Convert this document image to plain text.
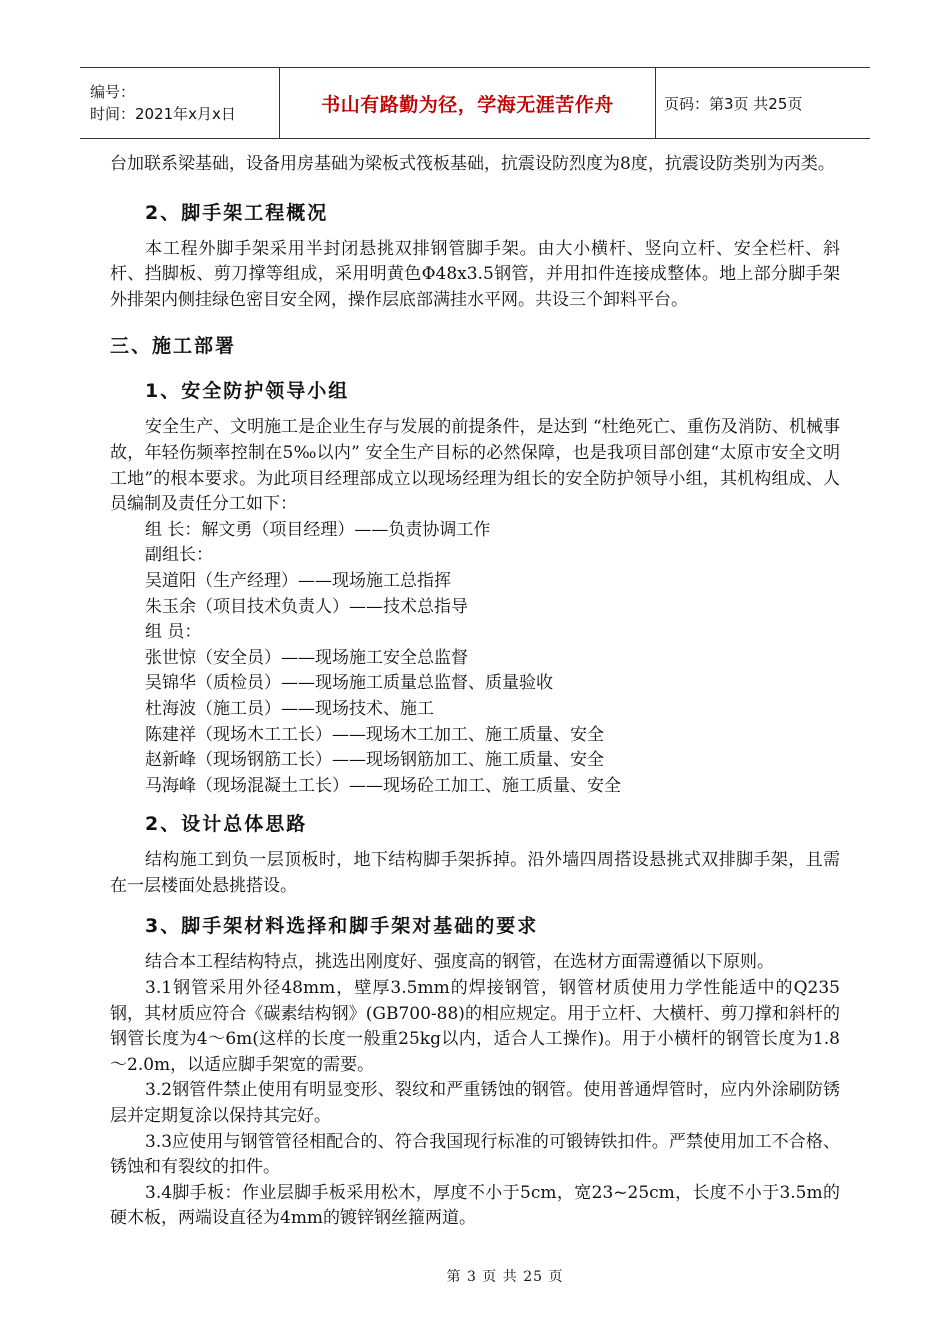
编号：
时间：2021年x月x日	书山有路勤为径，学海无涯苦作舟	页码：第3页 共25页

台加联系梁基础，设备用房基础为梁板式筏板基础，抗震设防烈度为8度，抗震设防类别为丙类。

2、脚手架工程概况

本工程外脚手架采用半封闭悬挑双排钢管脚手架。由大小横杆、竖向立杆、安全栏杆、斜杆、挡脚板、剪刀撑等组成，采用明黄色Φ48x3.5钢管，并用扣件连接成整体。地上部分脚手架外排架内侧挂绿色密目安全网，操作层底部满挂水平网。共设三个卸料平台。

三、施工部署

1、安全防护领导小组

安全生产、文明施工是企业生存与发展的前提条件，是达到 “杜绝死亡、重伤及消防、机械事故，年轻伤频率控制在5‰以内” 安全生产目标的必然保障，也是我项目部创建“太原市安全文明工地”的根本要求。为此项目经理部成立以现场经理为组长的安全防护领导小组，其机构组成、人员编制及责任分工如下：

组 长：解文勇（项目经理）——负责协调工作

副组长：

吴道阳（生产经理）——现场施工总指挥

朱玉余（项目技术负责人）——技术总指导

组 员：

张世惊（安全员）——现场施工安全总监督

吴锦华（质检员）——现场施工质量总监督、质量验收

杜海波（施工员）——现场技术、施工

陈建祥（现场木工工长）——现场木工加工、施工质量、安全

赵新峰（现场钢筋工长）——现场钢筋加工、施工质量、安全

马海峰（现场混凝土工长）——现场砼工加工、施工质量、安全

2、设计总体思路

结构施工到负一层顶板时，地下结构脚手架拆掉。沿外墙四周搭设悬挑式双排脚手架，且需在一层楼面处悬挑搭设。

3、脚手架材料选择和脚手架对基础的要求

结合本工程结构特点，挑选出刚度好、强度高的钢管，在选材方面需遵循以下原则。

3.1钢管采用外径48mm，壁厚3.5mm的焊接钢管，钢管材质使用力学性能适中的Q235钢，其材质应符合《碳素结构钢》(GB700-88)的相应规定。用于立杆、大横杆、剪刀撑和斜杆的钢管长度为4～6m(这样的长度一般重25kg以内，适合人工操作)。用于小横杆的钢管长度为1.8～2.0m，以适应脚手架宽的需要。

3.2钢管件禁止使用有明显变形、裂纹和严重锈蚀的钢管。使用普通焊管时，应内外涂刷防锈层并定期复涂以保持其完好。

3.3应使用与钢管管径相配合的、符合我国现行标准的可锻铸铁扣件。严禁使用加工不合格、锈蚀和有裂纹的扣件。

3.4脚手板：作业层脚手板采用松木，厚度不小于5cm，宽23~25cm，长度不小于3.5m的硬木板，两端设直径为4mm的镀锌钢丝箍两道。

第 3 页 共 25 页
